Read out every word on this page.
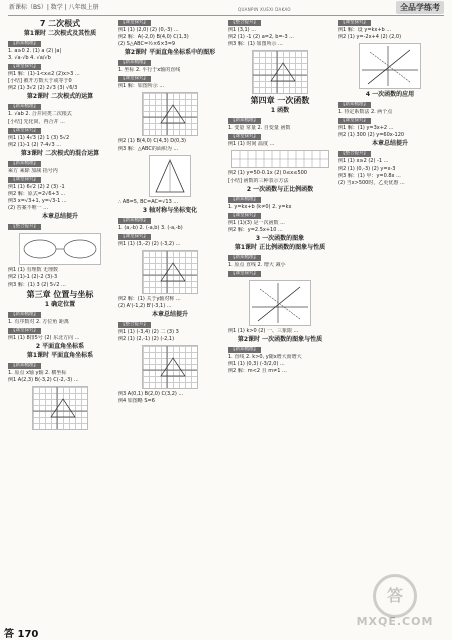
新课标（BS）| 数学 | 八年级上册	QUANPIN XUEXI DAKAO	全品学练考
7 二次根式
第1课时 二次根式及其性质
【新知梳理】
1. a≥0 2. (1) a (2) |a|
3. √a·√b 4. √a/√b
【课堂探究】
例1 解：(1)-1<x≤2 (2)x>3 ...
[小结] 被开方数大于或等于0
例2 (1) 3√2 (2) 2√3 (3) √6/3
第2课时 二次根式的运算
【新知梳理】
1. √ab 2. 合并同类二次根式
[小结] 先化简，再合并 ...
【课堂探究】
例1 (1) 4√3 (2) 1 (3) 5√2
例2 (1)-1 (2) 7-4√3 ...
第3课时 二次根式的混合运算
【新知梳理】
乘方 乘除 加减 括号内
【课堂探究】
例1 (1) 6√2 (2) 2 (3) -1
例2 解：原式=2√6+3 ...
例3 x=√3+1, y=√3-1 ...
(2) 答案不唯一 ...
本章总结提升
【整合提升】
例1 (1) 有理数 无理数
例2 (1)-1 (2)-2 (3)-3
例3 解：(1) 3 (2) 5√2 ...
第三章 位置与坐标
1 确定位置
【新知梳理】
1. 有序数对 2. 方位角 距离
【课堂探究】
例1 (1) 8排5号 (2) 东北方向 ...
2 平面直角坐标系
第1课时 平面直角坐标系
【新知梳理】
1. 原点 x轴 y轴 2. 横坐标
例1 A(2,3) B(-3,2) C(-2,-3) ...
【课堂探究】
例1 (1) (2,0) (2) (0,-3) ...
例2 解：A(-2,0) B(4,0) C(1,3)
(2) S△ABC=½×6×3=9
第2课时 平面直角坐标系中的图形
【新知梳理】
1. 坐标 2. 平行于x轴的直线
【课堂探究】
例1 解：如图所示 ...
例2 (1) B(4,0) C(4,3) D(0,3)
例3 解：△ABC的面积为 ...
∴ AB=5, BC=AC=√13 ...
3 轴对称与坐标变化
【新知梳理】
1. (a,-b) 2. (-a,b) 3. (-a,-b)
【课堂探究】
例1 (1) (3,-2) (2) (-3,2) ...
例2 解：(1) 关于y轴对称 ...
(2) A'(-1,2) B'(-3,1) ...
本章总结提升
【整合提升】
例1 (1) (-3,4) (2) 二 (3) 3
例2 (1) (2,-1) (2) (-2,1)
例3 A(0,1) B(2,0) C(3,2) ...
例4 如图略 S=6
【整合提升】
例1 (3,1) ...
例2 (1) -1 (2) a=2, b=-3 ...
例3 解：(1) 如图所示 ...
第四章 一次函数
1 函数
【新知梳理】
1. 变量 常量 2. 自变量 函数
【课堂探究】
例1 (1) 时间 温度 ...
例2 (1) y=50-0.1x (2) 0≤x≤500
[小结] 函数的三种表示方法
2 一次函数与正比例函数
【新知梳理】
1. y=kx+b (k≠0) 2. y=kx
【课堂探究】
例1 (1)(3) 是一次函数 ...
例2 解：y=2.5x+10 ...
3 一次函数的图象
第1课时 正比例函数的图象与性质
【新知梳理】
1. 原点 直线 2. 增大 减小
【课堂探究】
例1 (1) k>0 (2) 一、三象限 ...
第2课时 一次函数的图象与性质
【新知梳理】
1. 直线 2. k>0, y随x增大而增大
例1 (1) (0,3) (-3/2,0) ...
例2 解：m<2 且 m≠1 ...
【课堂探究】
例1 解：设 y=kx+b ...
例2 (1) y=-2x+4 (2) (2,0)
4 一次函数的应用
【新知梳理】
1. 待定系数法 2. 两个点
【课堂探究】
例1 解：(1) y=3x+2 ...
例2 (1) 300 (2) y=60x-120
本章总结提升
【整合提升】
例1 (1) x≥2 (2) -1 ...
例2 (1) (0,-3) (2) y=x-3
例3 解：(1) 甲：y=0.8x ...
(2) 当x>500时，乙更优惠 ...
答 170
答
MXQE.COM
